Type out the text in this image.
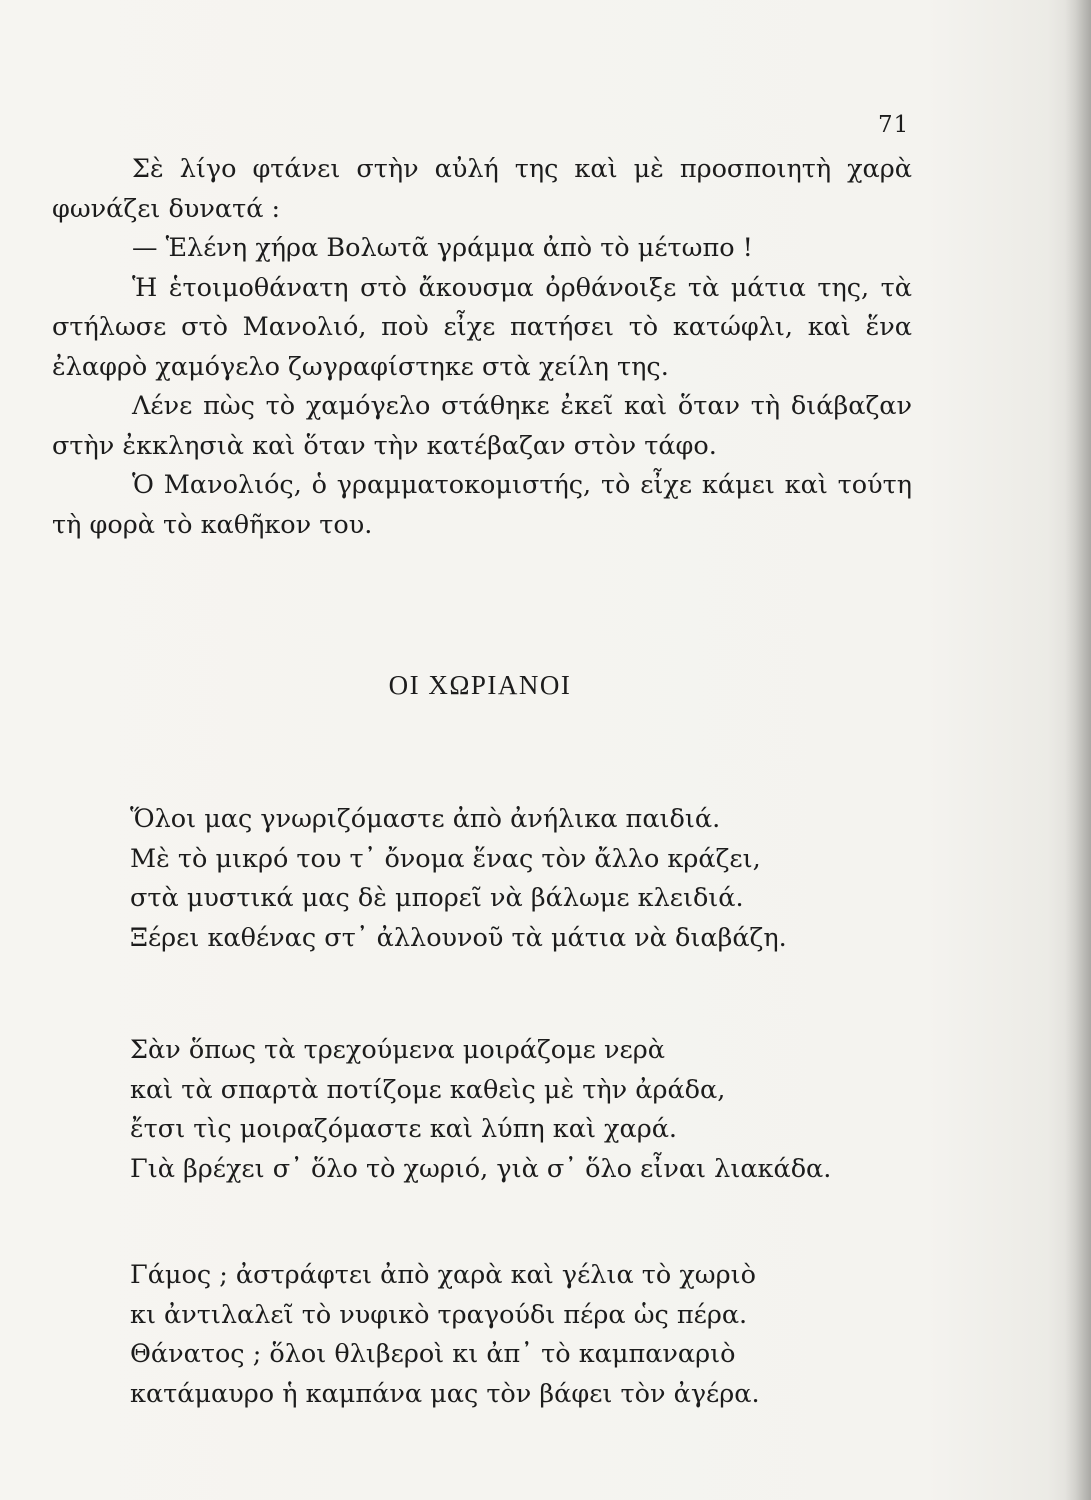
71

Σὲ λίγο φτάνει στὴν αὐλή της καὶ μὲ προσποιητὴ χαρὰ φωνάζει δυνατά :

— Ἑλένη χήρα Βολωτᾶ γράμμα ἀπὸ τὸ μέτωπο !

Ἡ ἑτοιμοθάνατη στὸ ἄκουσμα ὀρθάνοιξε τὰ μάτια της, τὰ στήλωσε στὸ Μανολιό, ποὺ εἶχε πατήσει τὸ κατώφλι, καὶ ἕνα ἐλαφρὸ χαμόγελο ζωγραφίστηκε στὰ χείλη της.

Λένε πὼς τὸ χαμόγελο στάθηκε ἐκεῖ καὶ ὅταν τὴ διάβαζαν στὴν ἐκκλησιὰ καὶ ὅταν τὴν κατέβαζαν στὸν τάφο.

Ὁ Μανολιός, ὁ γραμματοκομιστής, τὸ εἶχε κάμει καὶ τούτη τὴ φορὰ τὸ καθῆκον του.

ΟΙ ΧΩΡΙΑΝΟΙ
Ὅλοι μας γνωριζόμαστε ἀπὸ ἀνήλικα παιδιά.
Μὲ τὸ μικρό του τ᾽ ὄνομα ἕνας τὸν ἄλλο κράζει,
στὰ μυστικά μας δὲ μπορεῖ νὰ βάλωμε κλειδιά.
Ξέρει καθένας στ᾽ ἀλλουνοῦ τὰ μάτια νὰ διαβάζη.
Σὰν ὅπως τὰ τρεχούμενα μοιράζομε νερὰ
καὶ τὰ σπαρτὰ ποτίζομε καθεὶς μὲ τὴν ἀράδα,
ἔτσι τὶς μοιραζόμαστε καὶ λύπη καὶ χαρά.
Γιὰ βρέχει σ᾽ ὅλο τὸ χωριό, γιὰ σ᾽ ὅλο εἶναι λιακάδα.
Γάμος ; ἀστράφτει ἀπὸ χαρὰ καὶ γέλια τὸ χωριὸ
κι ἀντιλαλεῖ τὸ νυφικὸ τραγούδι πέρα ὡς πέρα.
Θάνατος ; ὅλοι θλιβεροὶ κι ἀπ᾽ τὸ καμπαναριὸ
κατάμαυρο ἡ καμπάνα μας τὸν βάφει τὸν ἀγέρα.
